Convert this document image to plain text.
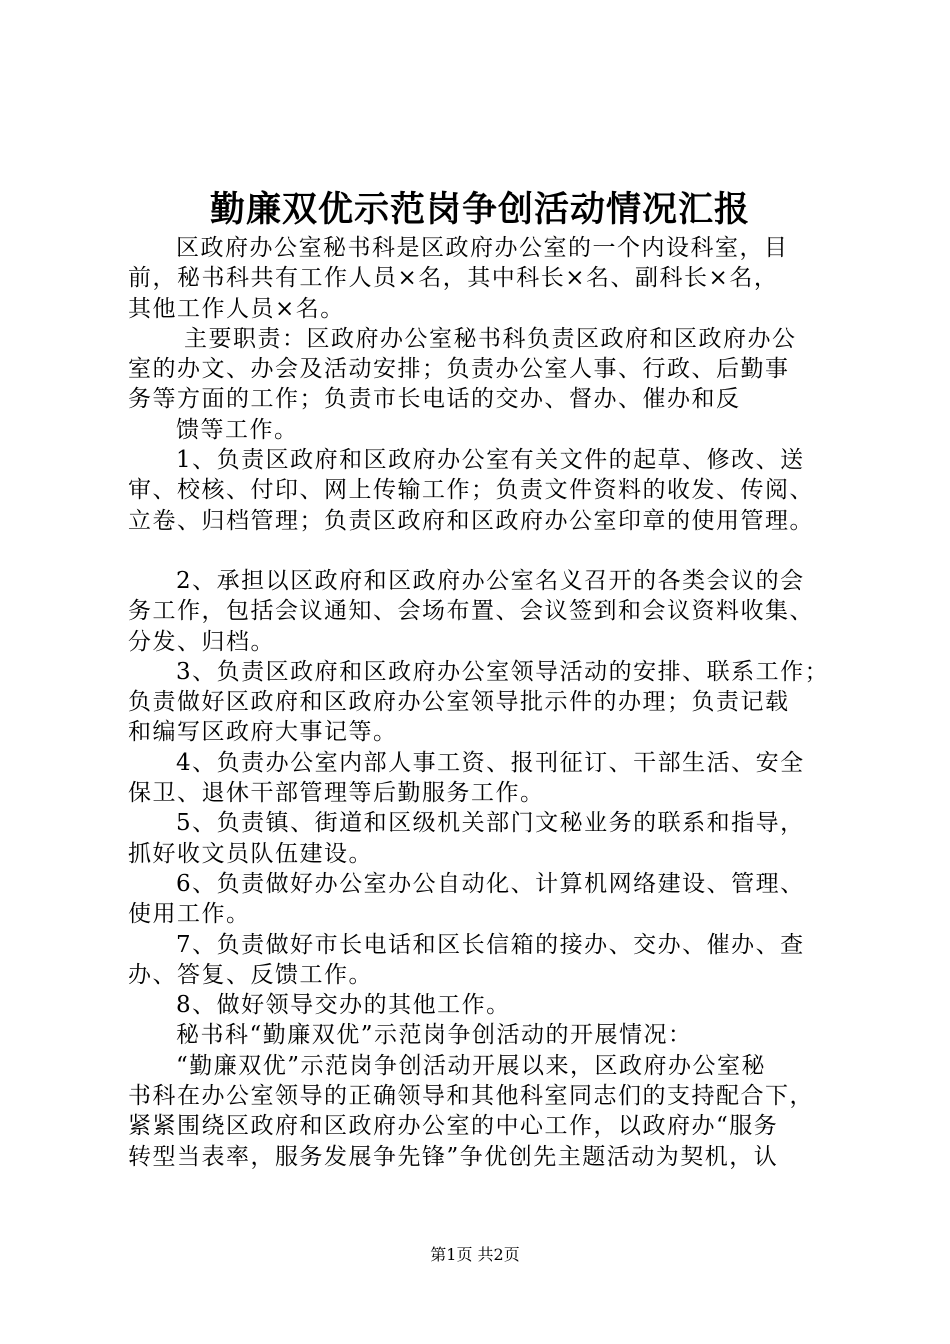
勤廉双优示范岗争创活动情况汇报
区政府办公室秘书科是区政府办公室的一个内设科室，目
前，秘书科共有工作人员×名，其中科长×名、副科长×名，
其他工作人员×名。
主要职责：区政府办公室秘书科负责区政府和区政府办公
室的办文、办会及活动安排；负责办公室人事、行政、后勤事
务等方面的工作；负责市长电话的交办、督办、催办和反
馈等工作。
1、负责区政府和区政府办公室有关文件的起草、修改、送
审、校核、付印、网上传输工作；负责文件资料的收发、传阅、
立卷、归档管理；负责区政府和区政府办公室印章的使用管理。
2、承担以区政府和区政府办公室名义召开的各类会议的会
务工作，包括会议通知、会场布置、会议签到和会议资料收集、
分发、归档。
3、负责区政府和区政府办公室领导活动的安排、联系工作；
负责做好区政府和区政府办公室领导批示件的办理；负责记载
和编写区政府大事记等。
4、负责办公室内部人事工资、报刊征订、干部生活、安全
保卫、退休干部管理等后勤服务工作。
5、负责镇、街道和区级机关部门文秘业务的联系和指导，
抓好收文员队伍建设。
6、负责做好办公室办公自动化、计算机网络建设、管理、
使用工作。
7、负责做好市长电话和区长信箱的接办、交办、催办、查
办、答复、反馈工作。
8、做好领导交办的其他工作。
秘书科“勤廉双优”示范岗争创活动的开展情况：
“勤廉双优”示范岗争创活动开展以来，区政府办公室秘
书科在办公室领导的正确领导和其他科室同志们的支持配合下，
紧紧围绕区政府和区政府办公室的中心工作，以政府办“服务
转型当表率，服务发展争先锋”争优创先主题活动为契机，认
第1页 共2页
